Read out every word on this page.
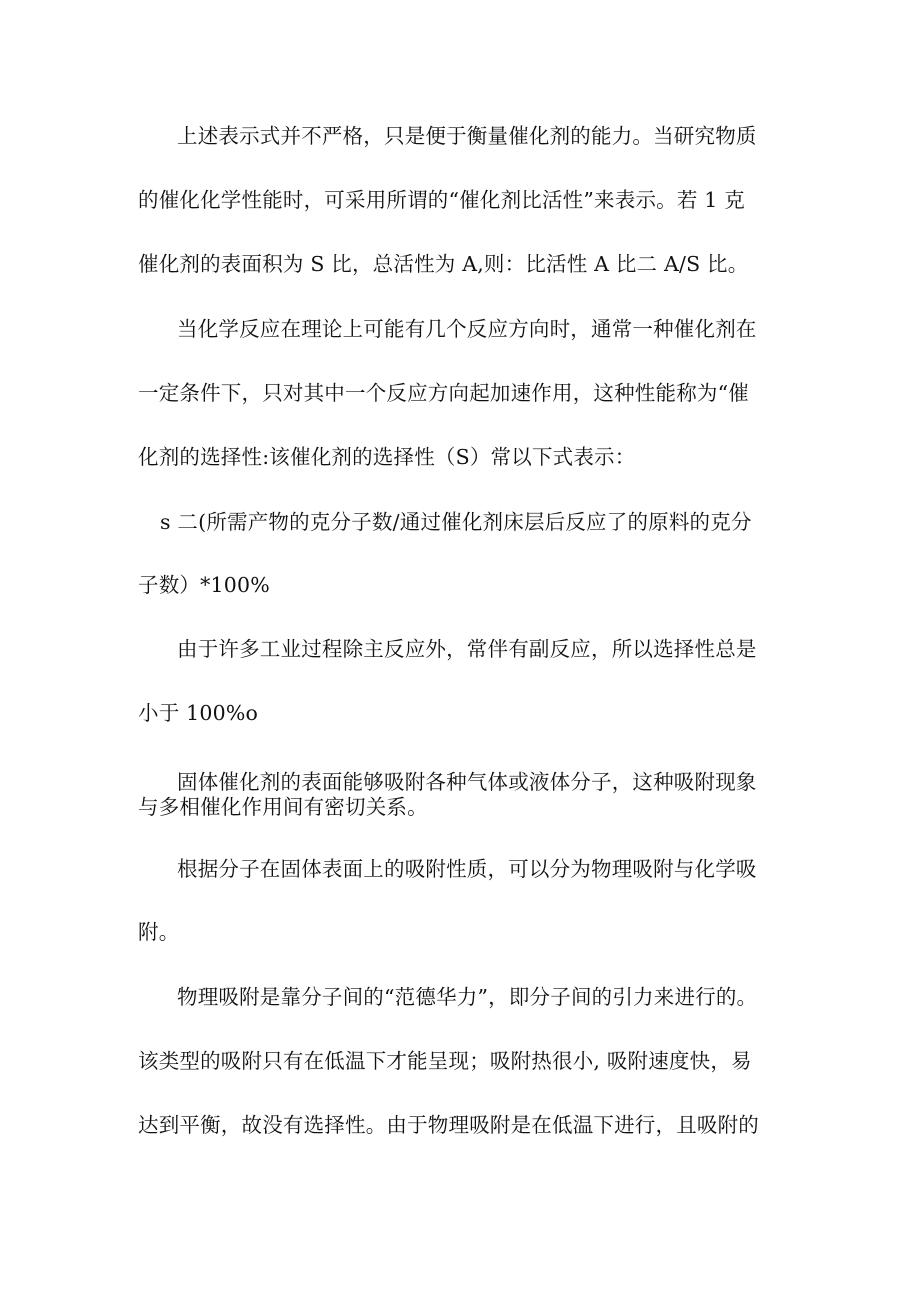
上述表示式并不严格，只是便于衡量催化剂的能力。当研究物质

的催化化学性能时，可采用所谓的“催化剂比活性”来表示。若 1 克

催化剂的表面积为 S 比，总活性为 A,则：比活性 A 比二 A/S 比。

当化学反应在理论上可能有几个反应方向时，通常一种催化剂在

一定条件下，只对其中一个反应方向起加速作用，这种性能称为“催

化剂的选择性:该催化剂的选择性（S）常以下式表示：

s 二(所需产物的克分子数/通过催化剂床层后反应了的原料的克分

子数）*100%

由于许多工业过程除主反应外，常伴有副反应，所以选择性总是

小于 100%o

固体催化剂的表面能够吸附各种气体或液体分子，这种吸附现象

与多相催化作用间有密切关系。

根据分子在固体表面上的吸附性质，可以分为物理吸附与化学吸

附。

物理吸附是靠分子间的“范德华力”，即分子间的引力来进行的。

该类型的吸附只有在低温下才能呈现；吸附热很小, 吸附速度快，易

达到平衡，故没有选择性。由于物理吸附是在低温下进行，且吸附的
